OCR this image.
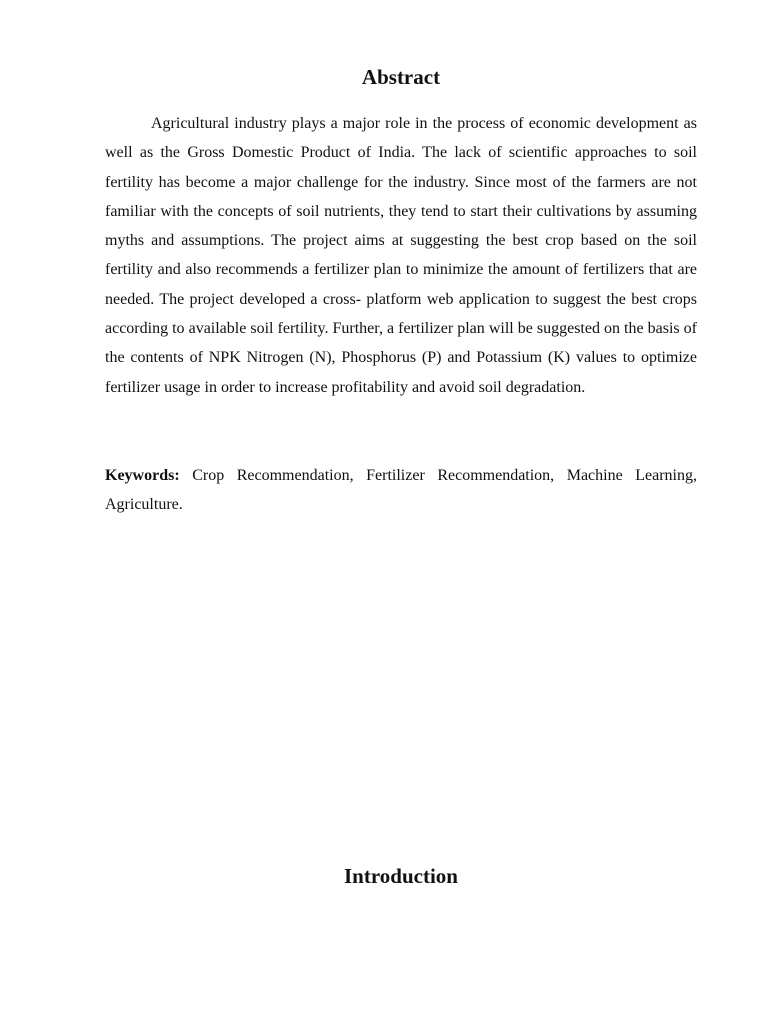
Abstract

Agricultural industry plays a major role in the process of economic development as well as the Gross Domestic Product of India. The lack of scientific approaches to soil fertility has become a major challenge for the industry. Since most of the farmers are not familiar with the concepts of soil nutrients, they tend to start their cultivations by assuming myths and assumptions. The project aims at suggesting the best crop based on the soil fertility and also recommends a fertilizer plan to minimize the amount of fertilizers that are needed. The project developed a cross- platform web application to suggest the best crops according to available soil fertility. Further, a fertilizer plan will be suggested on the basis of the contents of NPK Nitrogen (N), Phosphorus (P) and Potassium (K) values to optimize fertilizer usage in order to increase profitability and avoid soil degradation.

Keywords: Crop Recommendation, Fertilizer Recommendation, Machine Learning, Agriculture.

Introduction
